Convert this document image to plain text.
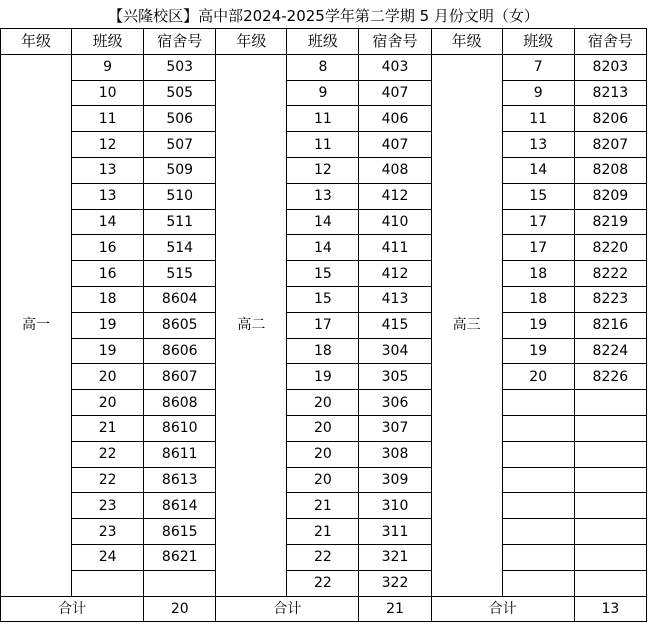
【兴隆校区】高中部2024-2025学年第二学期 5 月份文明（女）								
年级	班级	宿舍号	年级	班级	宿舍号	年级	班级	宿舍号
高一	9	503	高二	8	403	高三	7	8203
	10	505		9	407		9	8213
	11	506		11	406		11	8206
	12	507		11	407		13	8207
	13	509		12	408		14	8208
	13	510		13	412		15	8209
	14	511		14	410		17	8219
	16	514		14	411		17	8220
	16	515		15	412		18	8222
	18	8604		15	413		18	8223
	19	8605		17	415		19	8216
	19	8606		18	304		19	8224
	20	8607		19	305		20	8226
	20	8608		20	306			
	21	8610		20	307			
	22	8611		20	308			
	22	8613		20	309			
	23	8614		21	310			
	23	8615		21	311			
	24	8621		22	321			
				22	322			
合计		20	合计		21	合计		13
